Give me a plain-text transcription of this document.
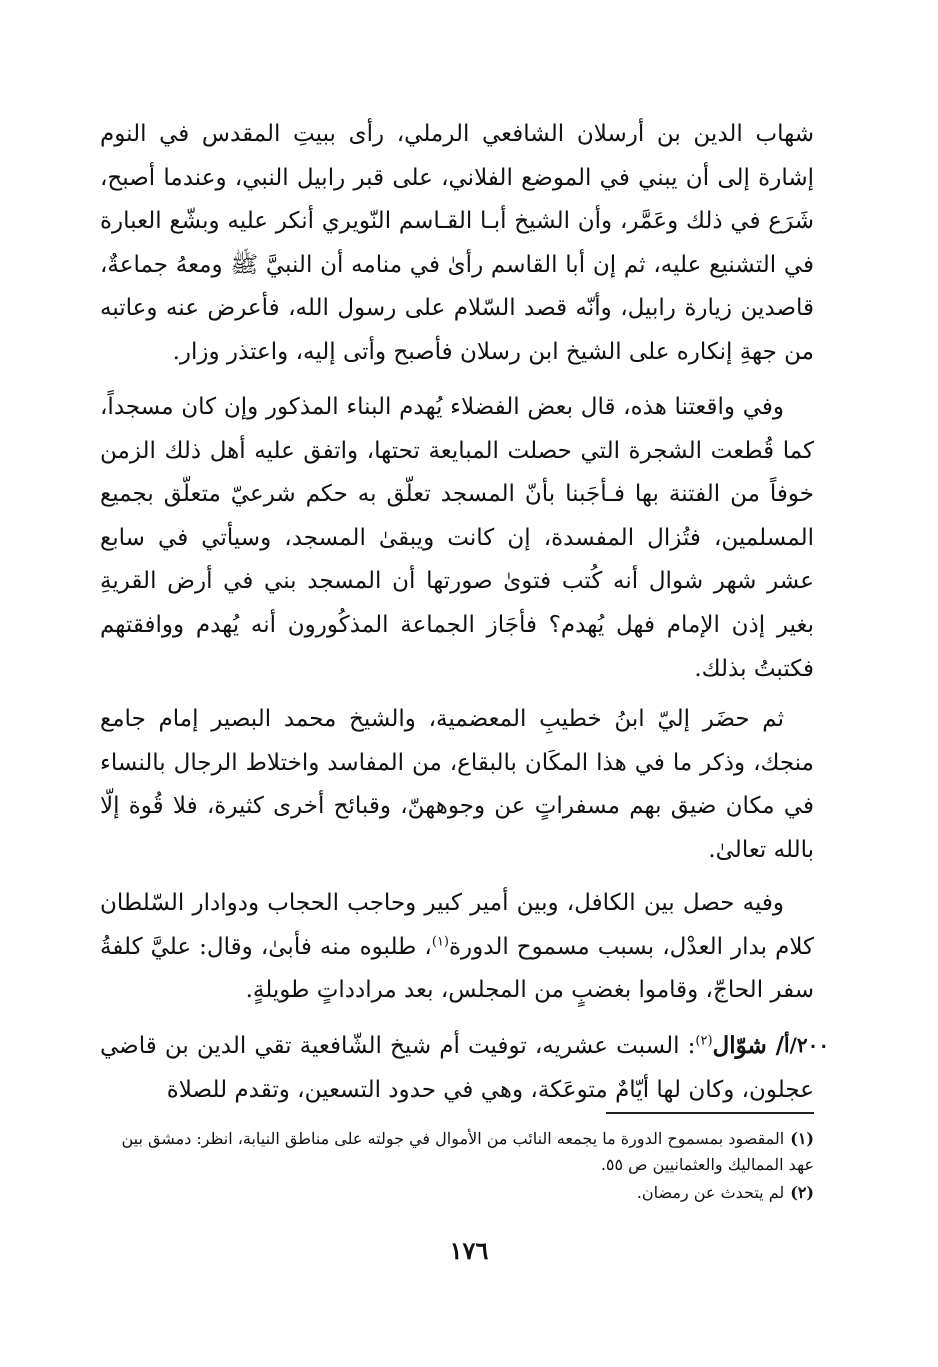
شهاب الدين بن أرسلان الشافعي الرملي، رأى ببيتِ المقدس في النوم إشارة إلى أن يبني في الموضع الفلاني، على قبر رابيل النبي، وعندما أصبح، شَرَع في ذلك وعَمَّر، وأن الشيخ أبـا القـاسم النّويري أنكر عليه وبشّع العبارة في التشنيع عليه، ثم إن أبا القاسم رأىٰ في منامه أن النبيَّ ﷺ ومعهُ جماعةٌ، قاصدين زيارة رابيل، وأنّه قصد السّلام على رسول الله، فأعرض عنه وعاتبه من جهةِ إنكاره على الشيخ ابن رسلان فأصبح وأتى إليه، واعتذر وزار.

وفي واقعتنا هذه، قال بعض الفضلاء يُهدم البناء المذكور وإن كان مسجداً، كما قُطعت الشجرة التي حصلت المبايعة تحتها، واتفق عليه أهل ذلك الزمن خوفاً من الفتنة بها فـأجَبنا بأنّ المسجد تعلّق به حكم شرعيّ متعلّق بجميع المسلمين، فتُزال المفسدة، إن كانت ويبقىٰ المسجد، وسيأتي في سابع عشر شهر شوال أنه كُتب فتوىٰ صورتها أن المسجد بني في أرض القريةِ بغير إذن الإمام فهل يُهدم؟ فأجَاز الجماعة المذكُورون أنه يُهدم ووافقتهم فكتبتُ بذلك.

ثم حضَر إليّ ابنُ خطيبِ المعضمية، والشيخ محمد البصير إمام جامع منجك، وذكر ما في هذا المكَان بالبقاع، من المفاسد واختلاط الرجال بالنساء في مكان ضيق بهم مسفراتٍ عن وجوههنّ، وقبائح أخرى كثيرة، فلا قُوة إلّا بالله تعالىٰ.

وفيه حصل بين الكافل، وبين أمير كبير وحاجب الحجاب ودوادار السّلطان كلام بدار العدْل، بسبب مسموح الدورة$^{(١)}$، طلبوه منه فأبىٰ، وقال: عليَّ كلفةُ سفر الحاجّ، وقاموا بغضبٍ من المجلس، بعد مرادداتٍ طويلةٍ.

/ شوّال$^{(٢)}$: السبت عشريه، توفيت أم شيخ الشّافعية تقي الدين بن قاضي عجلون، وكان لها أيّامٌ متوعَكة، وهي في حدود التسعين، وتقدم للصلاة

٢٠٠/أ
(١)المقصود بمسموح الدورة ما يجمعه النائب من الأموال في جولته على مناطق النيابة، انظر: دمشق بين عهد المماليك والعثمانيين ص ٥٥.
(٢)لم يتحدث عن رمضان.
١٧٦
